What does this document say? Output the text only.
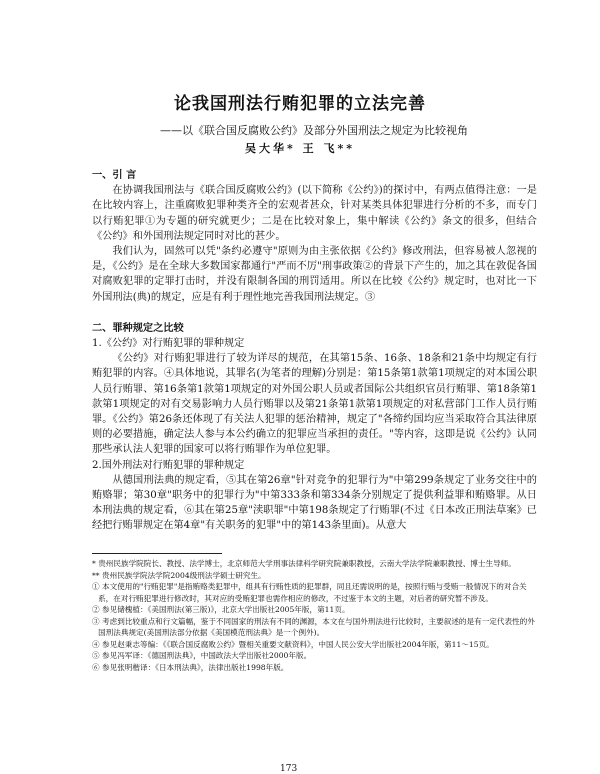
论我国刑法行贿犯罪的立法完善
——以《联合国反腐败公约》及部分外国刑法之规定为比较视角
吴大华* 王 飞**

一、引 言

在协调我国刑法与《联合国反腐败公约》(以下简称《公约》)的探讨中，有两点值得注意：一是在比较内容上，注重腐败犯罪种类齐全的宏观者甚众，针对某类具体犯罪进行分析的不多，而专门以行贿犯罪①为专题的研究就更少；二是在比较对象上，集中解读《公约》条文的很多，但结合《公约》和外国刑法规定同时对比的甚少。

我们认为，固然可以凭"条约必遵守"原则为由主张依据《公约》修改刑法，但容易被人忽视的是，《公约》是在全球大多数国家都通行"严而不厉"刑事政策②的背景下产生的，加之其在敦促各国对腐败犯罪的定罪打击时，并没有限制各国的刑罚适用。所以在比较《公约》规定时，也对比一下外国刑法(典)的规定，应是有利于理性地完善我国刑法规定。③

二、罪种规定之比较

1.《公约》对行贿犯罪的罪种规定

《公约》对行贿犯罪进行了较为详尽的规范，在其第15条、16条、18条和21条中均规定有行贿犯罪的内容。④具体地说，其罪名(为笔者的理解)分别是：第15条第1款第1项规定的对本国公职人员行贿罪、第16条第1款第1项规定的对外国公职人员或者国际公共组织官员行贿罪、第18条第1款第1项规定的对有交易影响力人员行贿罪以及第21条第1款第1项规定的对私营部门工作人员行贿罪。《公约》第26条还体现了有关法人犯罪的惩治精神，规定了"各缔约国均应当采取符合其法律原则的必要措施，确定法人参与本公约确立的犯罪应当承担的责任。"等内容，这即是说《公约》认同那些承认法人犯罪的国家可以将行贿罪作为单位犯罪。

2.国外刑法对行贿犯罪的罪种规定

从德国刑法典的规定看，⑤其在第26章"针对竞争的犯罪行为"中第299条规定了业务交往中的贿赂罪；第30章"职务中的犯罪行为"中第333条和第334条分别规定了提供利益罪和贿赂罪。从日本刑法典的规定看，⑥其在第25章"渎职罪"中第198条规定了行贿罪(不过《日本改正刑法草案》已经把行贿罪规定在第4章"有关职务的犯罪"中的第143条里面)。从意大

* 贵州民族学院院长、教授、法学博士，北京师范大学刑事法律科学研究院兼职教授，云南大学法学院兼职教授、博士生导师。

** 贵州民族学院法学院2004级刑法学硕士研究生。

① 本文使用的"行贿犯罪"是指贿赂类犯罪中，组具有行贿性质的犯罪群，同且还需说明的是，按照行贿与受贿一般情况下的对合关系，在对行贿犯罪进行修改时，其对应的受贿犯罪也需作相应的修改，不过鉴于本文的主题，对后者的研究暂不涉及。

② 参见储槐植：《美国刑法(第三版)》，北京大学出版社2005年版，第11页。

③ 考虑到比较重点和行文篇幅，鉴于不同国家的刑法有不同的渊源，本文在与国外刑法进行比较时，主要叙述的是有一定代表性的外国刑法典规定(美国刑法部分依据《美国模范刑法典》是一个例外)。

④ 参见赵秉志等编：《《联合国反腐败公约》暨相关重要文献资料》，中国人民公安大学出版社2004年版，第11～15页。

⑤ 参见冯军译：《德国刑法典》，中国政法大学出版社2000年版。

⑥ 参见张明楷译：《日本刑法典》，法律出版社1998年版。

173
